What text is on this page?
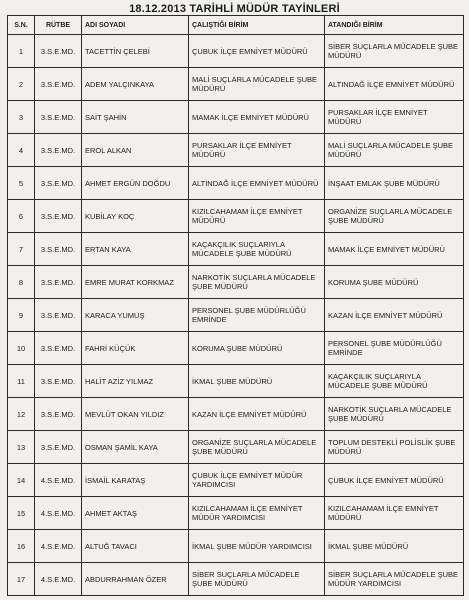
18.12.2013 TARİHLİ MÜDÜR TAYİNLERİ
S.N.	RÜTBE	ADI SOYADI	ÇALIŞTIĞI BİRİM	ATANDIĞI BİRİM
1	3.S.E.MD.	TACETTİN ÇELEBİ	ÇUBUK İLÇE EMNİYET MÜDÜRÜ	SİBER SUÇLARLA MÜCADELE ŞUBE MÜDÜRÜ
2	3.S.E.MD.	ADEM YALÇINKAYA	MALİ SUÇLARLA MÜCADELE ŞUBE MÜDÜRÜ	ALTINDAĞ İLÇE EMNİYET MÜDÜRÜ
3	3.S.E.MD.	SAİT ŞAHİN	MAMAK İLÇE EMNİYET MÜDÜRÜ	PURSAKLAR İLÇE EMNİYET MÜDÜRÜ
4	3.S.E.MD.	EROL ALKAN	PURSAKLAR İLÇE EMNİYET MÜDÜRÜ	MALİ SUÇLARLA MÜCADELE ŞUBE MÜDÜRÜ
5	3.S.E.MD.	AHMET ERGÜN DOĞDU	ALTINDAĞ İLÇE EMNİYET MÜDÜRÜ	İNŞAAT EMLAK ŞUBE MÜDÜRÜ
6	3.S.E.MD.	KUBİLAY KOÇ	KIZILCAHAMAM İLÇE EMNİYET MÜDÜRÜ	ORGANİZE SUÇLARLA MÜCADELE ŞUBE MÜDÜRÜ
7	3.S.E.MD.	ERTAN KAYA	KAÇAKÇILIK SUÇLARIYLA MÜCADELE ŞUBE MÜDÜRÜ	MAMAK İLÇE EMNİYET MÜDÜRÜ
8	3.S.E.MD.	EMRE MURAT KORKMAZ	NARKOTİK SUÇLARLA MÜCADELE ŞUBE MÜDÜRÜ	KORUMA ŞUBE MÜDÜRÜ
9	3.S.E.MD.	KARACA YUMUŞ	PERSONEL ŞUBE MÜDÜRLÜĞÜ EMRİNDE	KAZAN İLÇE EMNİYET MÜDÜRÜ
10	3.S.E.MD.	FAHRİ KÜÇÜK	KORUMA ŞUBE MÜDÜRÜ	PERSONEL ŞUBE MÜDÜRLÜĞÜ EMRİNDE
11	3.S.E.MD.	HALİT AZİZ YILMAZ	İKMAL ŞUBE MÜDÜRÜ	KAÇAKÇILIK SUÇLARIYLA MÜCADELE ŞUBE MÜDÜRÜ
12	3.S.E.MD.	MEVLÜT OKAN YILDIZ	KAZAN İLÇE EMNİYET MÜDÜRÜ	NARKOTİK SUÇLARLA MÜCADELE ŞUBE MÜDÜRÜ
13	3.S.E.MD.	OSMAN ŞAMİL KAYA	ORGANİZE SUÇLARLA MÜCADELE ŞUBE MÜDÜRÜ	TOPLUM DESTEKLİ POLİSLİK ŞUBE MÜDÜRÜ
14	4.S.E.MD.	İSMAİL KARATAŞ	ÇUBUK İLÇE EMNİYET MÜDÜR YARDIMCISI	ÇUBUK İLÇE EMNİYET MÜDÜRÜ
15	4.S.E.MD.	AHMET AKTAŞ	KIZILCAHAMAM İLÇE EMNİYET MÜDÜR YARDIMCISI	KIZILCAHAMAM İLÇE EMNİYET MÜDÜRÜ
16	4.S.E.MD.	ALTUĞ TAVACI	İKMAL ŞUBE MÜDÜR YARDIMCISI	İKMAL ŞUBE MÜDÜRÜ
17	4.S.E.MD.	ABDURRAHMAN ÖZER	SİBER SUÇLARLA MÜCADELE ŞUBE MÜDÜRÜ	SİBER SUÇLARLA MÜCADELE ŞUBE MÜDÜR YARDIMCISI
